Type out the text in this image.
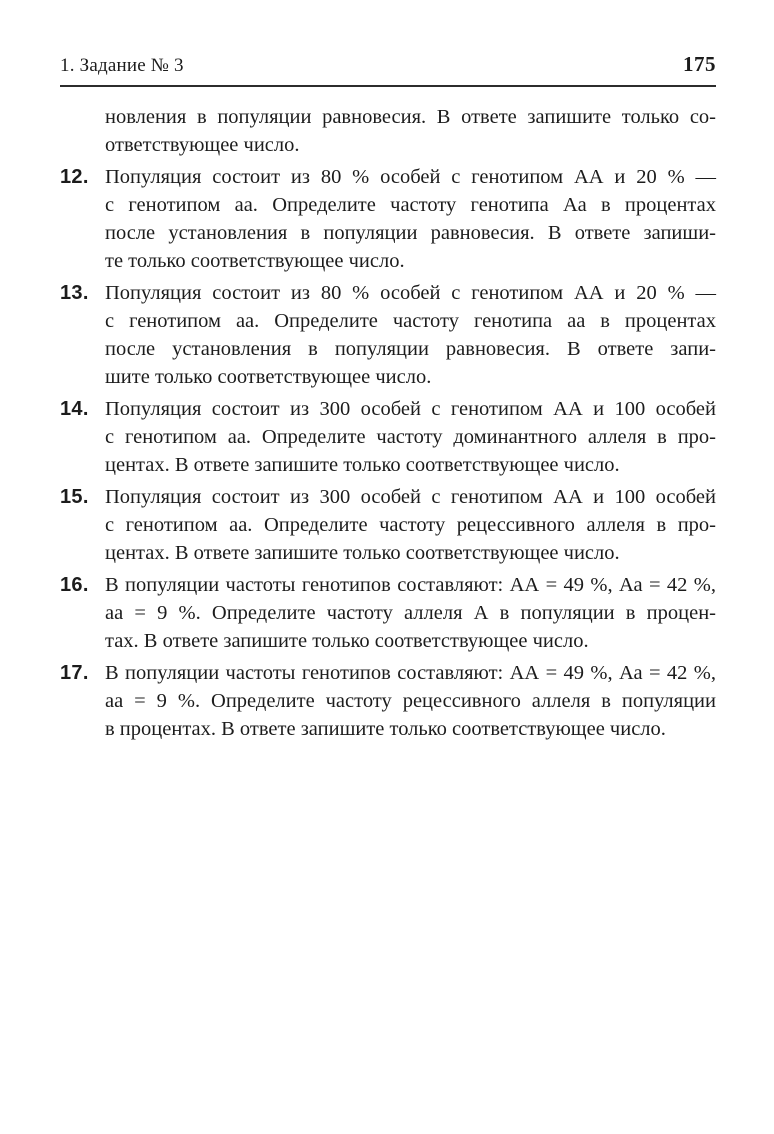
1. Задание № 3	175
новления в популяции равновесия. В ответе запишите только со-
ответствующее число.
12. Популяция состоит из 80 % особей с генотипом АА и 20 % —
с генотипом аа. Определите частоту генотипа Аа в процентах
после установления в популяции равновесия. В ответе запиши-
те только соответствующее число.
13. Популяция состоит из 80 % особей с генотипом АА и 20 % —
с генотипом аа. Определите частоту генотипа аа в процентах
после установления в популяции равновесия. В ответе запи-
шите только соответствующее число.
14. Популяция состоит из 300 особей с генотипом АА и 100 особей
с генотипом аа. Определите частоту доминантного аллеля в про-
центах. В ответе запишите только соответствующее число.
15. Популяция состоит из 300 особей с генотипом АА и 100 особей
с генотипом аа. Определите частоту рецессивного аллеля в про-
центах. В ответе запишите только соответствующее число.
16. В популяции частоты генотипов составляют: АА = 49 %, Аа = 42 %,
аа = 9 %. Определите частоту аллеля А в популяции в процен-
тах. В ответе запишите только соответствующее число.
17. В популяции частоты генотипов составляют: АА = 49 %, Аа = 42 %,
аа = 9 %. Определите частоту рецессивного аллеля в популяции
в процентах. В ответе запишите только соответствующее число.
